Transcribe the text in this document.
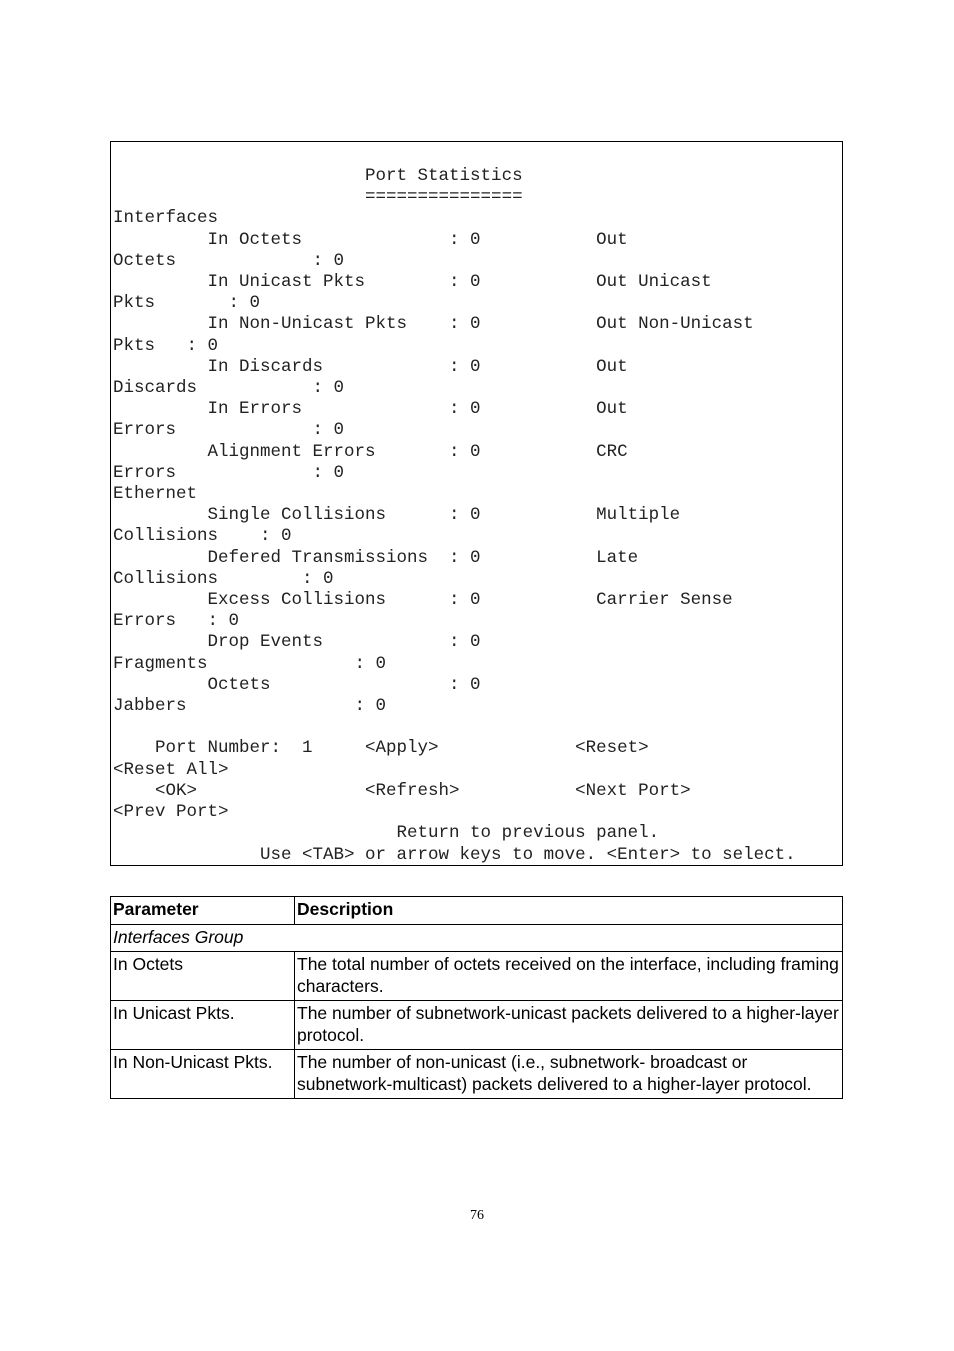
Port Statistics
===============
Interfaces
In Octets              : 0           Out
Octets             : 0
In Unicast Pkts        : 0           Out Unicast
Pkts       : 0
In Non-Unicast Pkts    : 0           Out Non-Unicast
Pkts   : 0
In Discards            : 0           Out
Discards           : 0
In Errors              : 0           Out
Errors             : 0
Alignment Errors       : 0           CRC
Errors             : 0
Ethernet
Single Collisions      : 0           Multiple
Collisions    : 0
Defered Transmissions  : 0           Late
Collisions        : 0
Excess Collisions      : 0           Carrier Sense
Errors   : 0
Drop Events            : 0
Fragments              : 0
Octets                 : 0
Jabbers                : 0

Port Number:  1     <Apply>             <Reset>
<Reset All>
<OK>                <Refresh>           <Next Port>
<Prev Port>
Return to previous panel.
Use <TAB> or arrow keys to move. <Enter> to select.
Parameter	Description
Interfaces Group	
In Octets	The total number of octets received on the interface, including framing characters.
In Unicast Pkts.	The number of subnetwork-unicast packets delivered to a higher-layer protocol.
In Non-Unicast Pkts.	The number of non-unicast (i.e., subnetwork- broadcast or subnetwork-multicast) packets delivered to a higher-layer protocol.
76
